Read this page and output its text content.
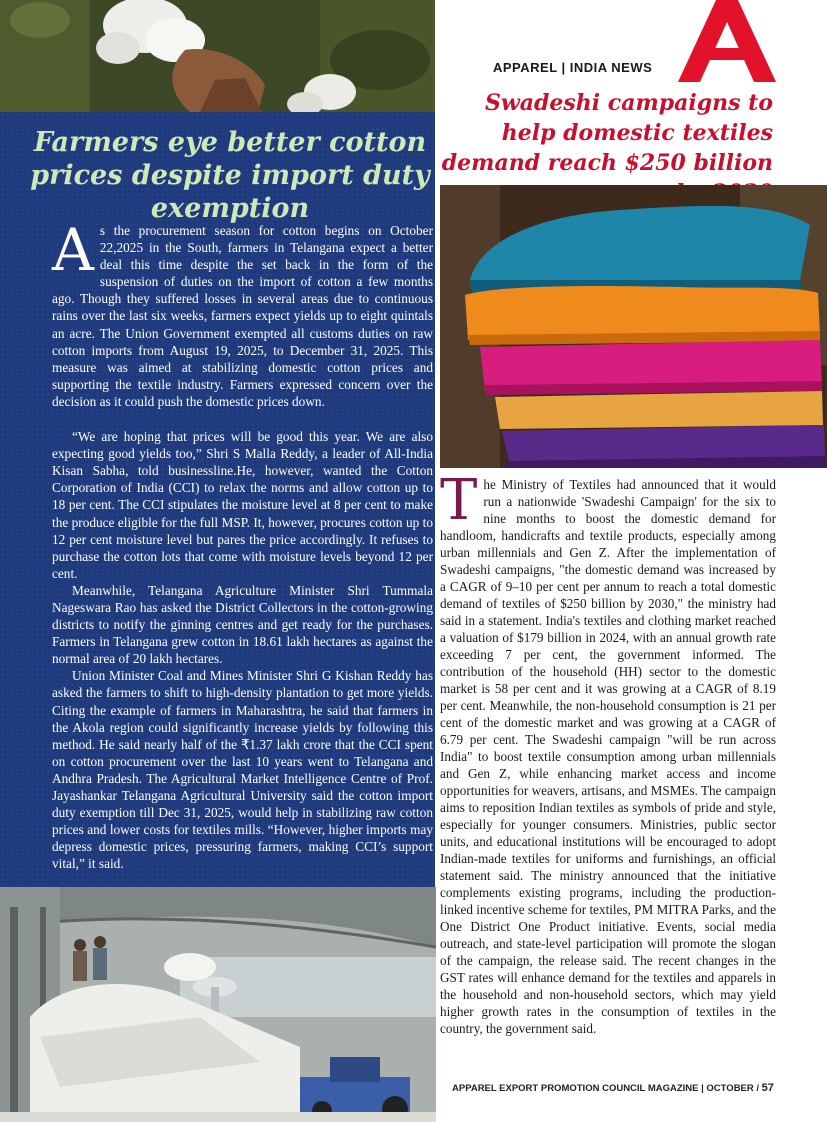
Farmers eye better cotton prices despite import duty exemption

As the procurement season for cotton begins on October 22,2025 in the South, farmers in Telangana expect a better deal this time despite the set back in the form of the suspension of duties on the import of cotton a few months ago. Though they suffered losses in several areas due to continuous rains over the last six weeks, farmers expect yields up to eight quintals an acre. The Union Government exempted all customs duties on raw cotton imports from August 19, 2025, to December 31, 2025. This measure was aimed at stabilizing domestic cotton prices and supporting the textile industry. Farmers expressed concern over the decision as it could push the domestic prices down.

“We are hoping that prices will be good this year. We are also expecting good yields too,” Shri S Malla Reddy, a leader of All-India Kisan Sabha, told businessline.He, however, wanted the Cotton Corporation of India (CCI) to relax the norms and allow cotton up to 18 per cent. The CCI stipulates the moisture level at 8 per cent to make the produce eligible for the full MSP. It, however, procures cotton up to 12 per cent moisture level but pares the price accordingly. It refuses to purchase the cotton lots that come with moisture levels beyond 12 per cent.

Meanwhile, Telangana Agriculture Minister Shri Tummala Nageswara Rao has asked the District Collectors in the cotton-growing districts to notify the ginning centres and get ready for the purchases. Farmers in Telangana grew cotton in 18.61 lakh hectares as against the normal area of 20 lakh hectares.

Union Minister Coal and Mines Minister Shri G Kishan Reddy has asked the farmers to shift to high-density plantation to get more yields. Citing the example of farmers in Maharashtra, he said that farmers in the Akola region could significantly increase yields by following this method. He said nearly half of the ₹1.37 lakh crore that the CCI spent on cotton procurement over the last 10 years went to Telangana and Andhra Pradesh. The Agricultural Market Intelligence Centre of Prof. Jayashankar Telangana Agricultural University said the cotton import duty exemption till Dec 31, 2025, would help in stabilizing raw cotton prices and lower costs for textiles mills. “However, higher imports may depress domestic prices, pressuring farmers, making CCI’s support vital,” it said.

APPAREL | INDIA NEWS
Swadeshi campaigns to help domestic textiles demand reach $250 billion
The Ministry of Textiles had announced that it would run a nationwide 'Swadeshi Campaign' for the six to nine months to boost the domestic demand for handloom, handicrafts and textile products, especially among urban millennials and Gen Z. After the implementation of Swadeshi campaigns, "the domestic demand was increased by a CAGR of 9–10 per cent per annum to reach a total domestic demand of textiles of $250 billion by 2030," the ministry had said in a statement. India's textiles and clothing market reached a valuation of $179 billion in 2024, with an annual growth rate exceeding 7 per cent, the government informed. The contribution of the household (HH) sector to the domestic market is 58 per cent and it was growing at a CAGR of 8.19 per cent. Meanwhile, the non-household consumption is 21 per cent of the domestic market and was growing at a CAGR of 6.79 per cent. The Swadeshi campaign "will be run across India" to boost textile consumption among urban millennials and Gen Z, while enhancing market access and income opportunities for weavers, artisans, and MSMEs. The campaign aims to reposition Indian textiles as symbols of pride and style, especially for younger consumers. Ministries, public sector units, and educational institutions will be encouraged to adopt Indian-made textiles for uniforms and furnishings, an official statement said. The ministry announced that the initiative complements existing programs, including the production-linked incentive scheme for textiles, PM MITRA Parks, and the One District One Product initiative. Events, social media outreach, and state-level participation will promote the slogan of the campaign, the release said. The recent changes in the GST rates will enhance demand for the textiles and apparels in the household and non-household sectors, which may yield higher growth rates in the consumption of textiles in the country, the government said.
APPAREL EXPORT PROMOTION COUNCIL MAGAZINE | OCTOBER / 57
